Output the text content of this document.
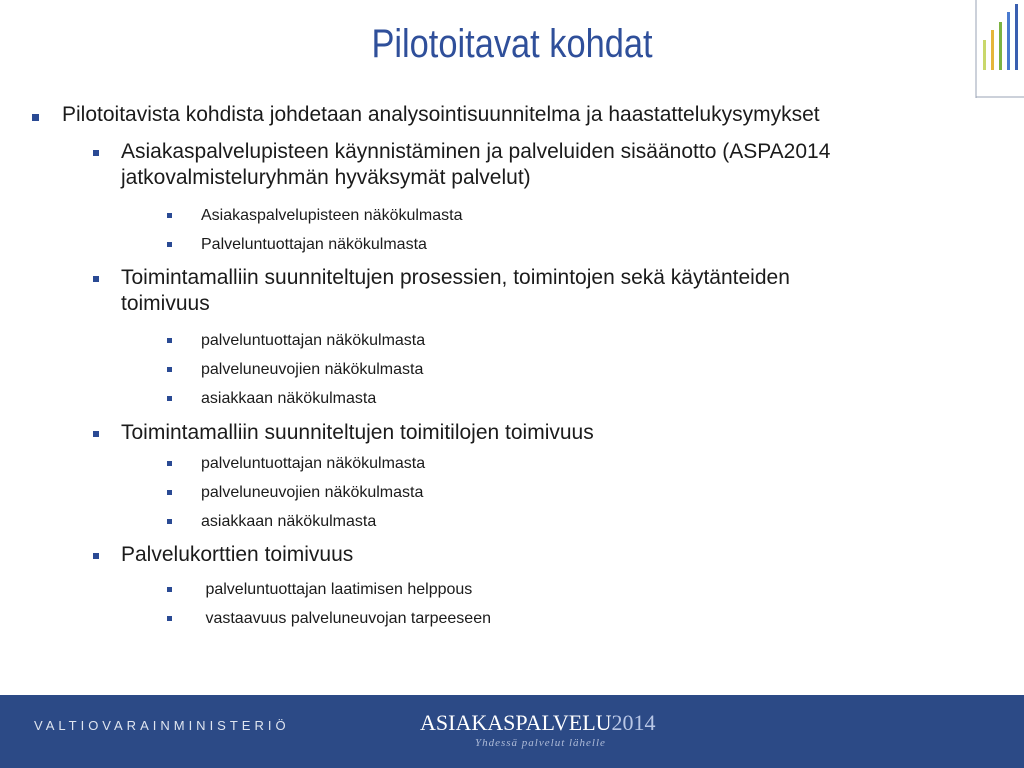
Pilotoitavat kohdat
Pilotoitavista kohdista johdetaan analysointisuunnitelma ja haastattelukysymykset
Asiakaspalvelupisteen käynnistäminen ja palveluiden sisäänotto (ASPA2014
jatkovalmisteluryhmän hyväksymät palvelut)
Asiakaspalvelupisteen näkökulmasta
Palveluntuottajan näkökulmasta
Toimintamalliin suunniteltujen prosessien, toimintojen sekä käytänteiden
toimivuus
palveluntuottajan näkökulmasta
palveluneuvojien näkökulmasta
asiakkaan näkökulmasta
Toimintamalliin suunniteltujen toimitilojen toimivuus
palveluntuottajan näkökulmasta
palveluneuvojien näkökulmasta
asiakkaan näkökulmasta
Palvelukorttien toimivuus
palveluntuottajan laatimisen helppous
vastaavuus palveluneuvojan tarpeeseen
VALTIOVARAINMINISTERIÖ	ASIAKASPALVELU2014
Yhdessä palvelut lähelle
